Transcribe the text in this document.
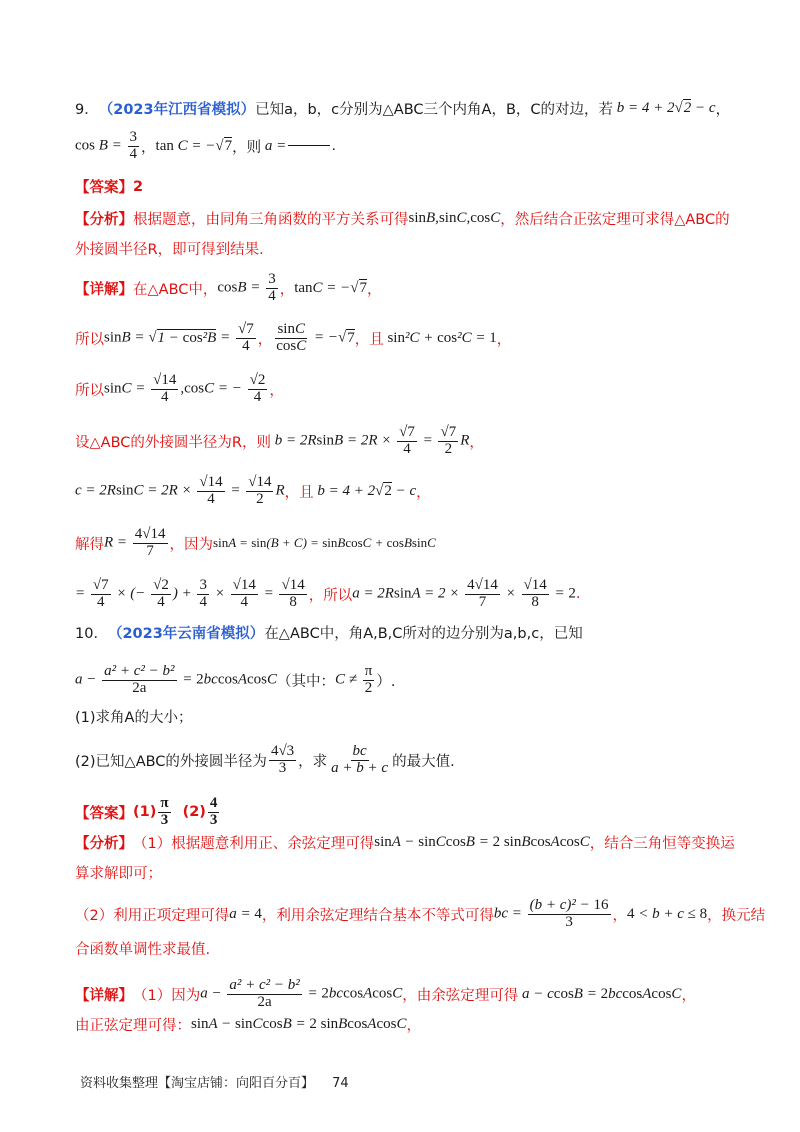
9． （2023年江西省模拟） 已知a，b，c分别为△ABC三个内角A，B，C的对边，若 b = 4 + 2√2 − c ，
$\cos B = \frac{3}{4}$ ， tan C = −√7 ， 则 a =	.
【答案】 2
【分析】 根据题意，由同角三角函数的平方关系可得 sinB,sinC,cosC ，然后结合正弦定理可求得△ABC的
外接圆半径R，即可得到结果.
【详解】 在△ABC中， $\cos B = \frac{3}{4}$ ， tanC = −√7 ，
所以 $\sin B = √1 - \cos^2B = \frac{√7}{4}$ ， $\frac{\sin C}{\cos C} = -√7$ ， 且 sin²C + cos²C = 1 ，
所以 $\sin C = \frac{√14}{4} ,\cos C$ = − $\frac{√2}{4}$ ，
设△ABC的外接圆半径为R，则 $b = 2RsinB = 2R \times \frac{√7}{4} = \frac{√7}{2}$ R ，
$c = 2RsinC = 2R \times \frac{√14}{4} = \frac{√14}{2}$ R ， 且 b = 4 + 2√2 − c ，
解得 $R = \frac{4√14}{7}$ ，因为 sinA = sin(B + C) = sinBcosC + cosBsinC
= $\frac{√7}{4}$ × (− $\frac{√2}{4}$ ) + $\frac{3}{4} \times \frac{√14}{4} = \frac{√14}{8}$ ， 所以 $a = 2RsinA = 2 \times \frac{4√14}{7} \times \frac{√14}{8} = 2$ .
10． （2023年云南省模拟） 在△ABC中，角A,B,C所对的边分别为a,b,c，已知
$a - \frac{\text{a² + c² − b²}}{2a}$ = 2bccosAcosC （其中： $C \ne \frac{\pi}{2}$ ）.
(1)求角A的大小；
(2)已知△ABC的外接圆半径为 $\frac{4√3}{3}$ ，求 $\frac{bc}{a + b + c}$ 的最大值.
【答案】 $(1) \frac{\pi}{3} (2) \frac{4}{3}$
【分析】 （1）根据题意利用正、余弦定理可得 sinA − sinCcosB = 2 sinBcosAcosC ，结合三角恒等变换运
算求解即可；
（2）利用正项定理可得 a = 4 ，利用余弦定理结合基本不等式可得 bc = $\frac{\text{(b + c)² − 16}}{3}$ ， 4 < b + c ≤ 8 ，换元结
合函数单调性求最值.
【详解】 （1）因为 $a - \frac{\text{a² + c² − b²}}{2a}$ = 2bccosAcosC ，由余弦定理可得 a − ccosB = 2bccosAcosC ，
由正弦定理可得： sinA − sinCcosB = 2 sinBcosAcosC ，
资料收集整理【淘宝店铺：向阳百分百】 74
